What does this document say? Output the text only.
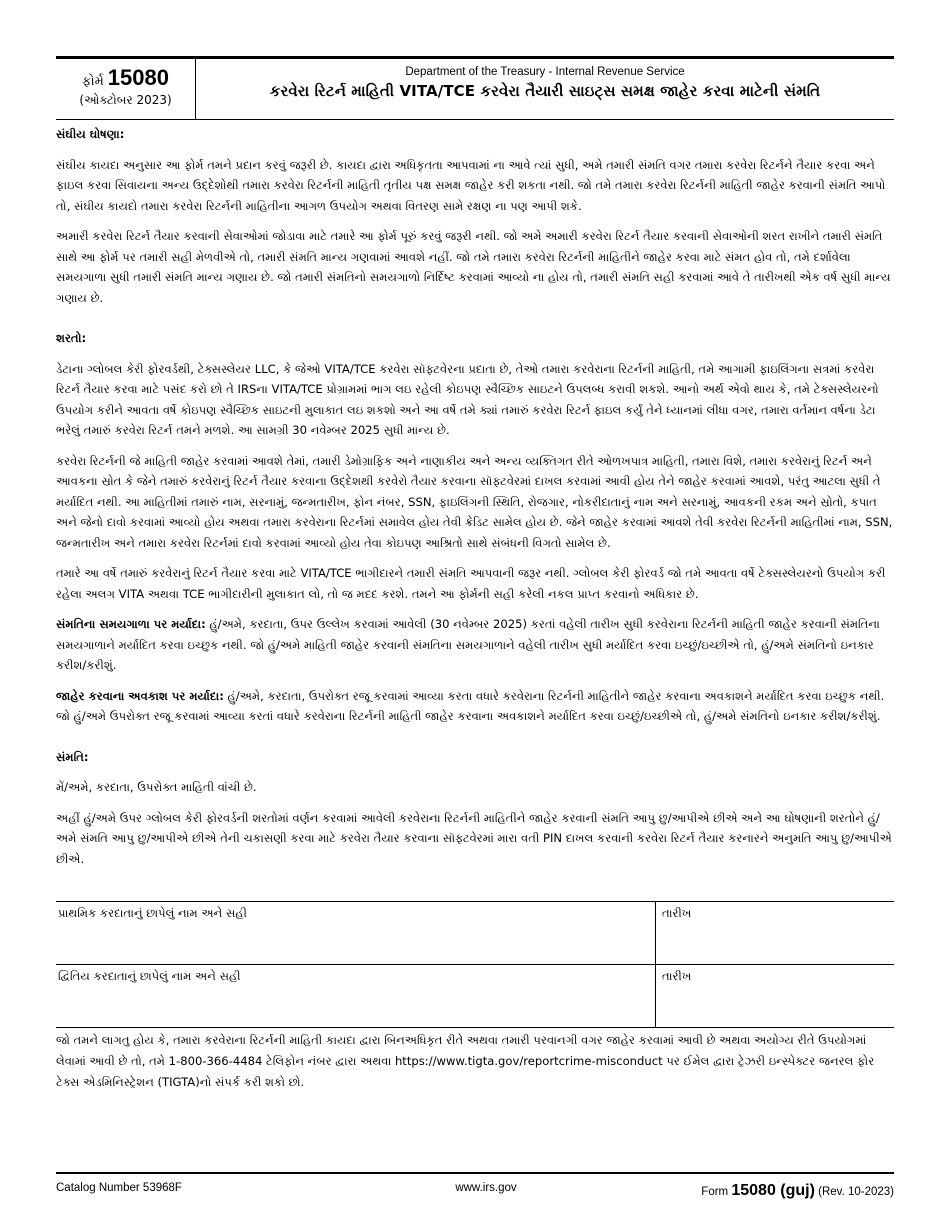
ફોર્મ 15080
(ઓક્ટોબર 2023)
Department of the Treasury - Internal Revenue Service
કરવેરા રિટર્ન માહિતી VITA/TCE કરવેરા તૈયારી સાઇટ્સ સમક્ષ જાહેર કરવા માટેની સંમતિ

સંઘીય ઘોષણા:

સંઘીય કાયદા અનુસાર આ ફોર્મ તમને પ્રદાન કરવું જરૂરી છે. કાયદા દ્વારા અધિકૃતતા આપવામાં ના આવે ત્યાં સુધી, અમે તમારી સંમતિ વગર તમારા કરવેરા રિટર્નને તૈયાર કરવા અને ફાઇલ કરવા સિવાયના અન્ય ઉદ્દેશોથી તમારા કરવેરા રિટર્નની માહિતી તૃતીય પક્ષ સમક્ષ જાહેર કરી શકતા નથી. જો તમે તમારા કરવેરા રિટર્નની માહિતી જાહેર કરવાની સંમતિ આપો તો, સંઘીય કાયદો તમારા કરવેરા રિટર્નની માહિતીના આગળ ઉપયોગ અથવા વિતરણ સામે રક્ષણ ના પણ આપી શકે.

અમારી કરવેરા રિટર્ન તૈયાર કરવાની સેવાઓમાં જોડાવા માટે તમારે આ ફોર્મ પૂરું કરવું જરૂરી નથી. જો અમે અમારી કરવેરા રિટર્ન તૈયાર કરવાની સેવાઓની શરત રાખીને તમારી સંમતિ સાથે આ ફોર્મ પર તમારી સહી મેળવીએ તો, તમારી સંમતિ માન્ય ગણવામાં આવશે નહીં. જો તમે તમારા કરવેરા રિટર્નની માહિતીને જાહેર કરવા માટે સંમત હોવ તો, તમે દર્શાવેલા સમયગાળા સુધી તમારી સંમતિ માન્ય ગણાય છે. જો તમારી સંમતિનો સમયગાળો નિર્દિષ્ટ કરવામાં આવ્યો ના હોય તો, તમારી સંમતિ સહી કરવામાં આવે તે તારીખથી એક વર્ષ સુધી માન્ય ગણાય છે.

શરતો:

ડેટાના ગ્લોબલ કેરી ફોરવર્ડથી, ટેક્સસ્લેયર LLC, કે જેઓ VITA/TCE કરવેરા સૉફ્ટવેરના પ્રદાતા છે, તેઓ તમારા કરવેરાના રિટર્નની માહિતી, તમે આગામી ફાઇલિંગના સત્રમાં કરવેરા રિટર્ન તૈયાર કરવા માટે પસંદ કરો છો તે IRSના VITA/TCE પ્રોગ્રામમાં ભાગ લઇ રહેલી કોઇપણ સ્વૈચ્છિક સાઇટને ઉપલબ્ધ કરાવી શકશે. આનો અર્થ એવો થાય કે, તમે ટેક્સસ્લેયરનો ઉપયોગ કરીને આવતા વર્ષે કોઇપણ સ્વૈચ્છિક સાઇટની મુલાકાત લઇ શકશો અને આ વર્ષે તમે ક્યાં તમારું કરવેરા રિટર્ન ફાઇલ કર્યું તેને ધ્યાનમાં લીધા વગર, તમારા વર્તમાન વર્ષના ડેટા ભરેલું તમારું કરવેરા રિટર્ન તમને મળશે. આ સામગ્રી 30 નવેમ્બર 2025 સુધી માન્ય છે.

કરવેરા રિટર્નની જે માહિતી જાહેર કરવામાં આવશે તેમાં, તમારી ડેમોગ્રાફિક અને નાણાકીય અને અન્ય વ્યક્તિગત રીતે ઓળખપાત્ર માહિતી, તમારા વિશે, તમારા કરવેરાનું રિટર્ન અને આવકના સ્રોત કે જેને તમારું કરવેરાનું રિટર્ન તૈયાર કરવાના ઉદ્દેશથી કરવેરો તૈયાર કરવાના સૉફ્ટવેરમાં દાખલ કરવામાં આવી હોય તેને જાહેર કરવામાં આવશે, પરંતુ આટલા સુધી તે મર્યાદિત નથી. આ માહિતીમાં તમારું નામ, સરનામું, જન્મતારીખ, ફોન નંબર, SSN, ફાઇલિંગની સ્થિતિ, રોજગાર, નોકરીદાતાનું નામ અને સરનામું, આવકની રકમ અને સ્રોતો, કપાત અને જેનો દાવો કરવામાં આવ્યો હોય અથવા તમારા કરવેરાના રિટર્નમાં સમાવેલ હોય તેવી ક્રેડિટ સામેલ હોય છે. જેને જાહેર કરવામાં આવશે તેવી કરવેરા રિટર્નની માહિતીમાં નામ, SSN, જન્મતારીખ અને તમારા કરવેરા રિટર્નમાં દાવો કરવામાં આવ્યો હોય તેવા કોઇપણ આશ્રિતો સાથે સંબંધની વિગતો સામેલ છે.

તમારે આ વર્ષે તમારું કરવેરાનું રિટર્ન તૈયાર કરવા માટે VITA/TCE ભાગીદારને તમારી સંમતિ આપવાની જરૂર નથી. ગ્લોબલ કેરી ફોરવર્ડ જો તમે આવતા વર્ષે ટેક્સસ્લેયરનો ઉપયોગ કરી રહેલા અલગ VITA અથવા TCE ભાગીદારીની મુલાકાત લો, તો જ મદદ કરશે. તમને આ ફોર્મની સહી કરેલી નકલ પ્રાપ્ત કરવાનો અધિકાર છે.

સંમતિના સમયગાળા પર મર્યાદા: હું/અમે, કરદાતા, ઉપર ઉલ્લેખ કરવામાં આવેલી (30 નવેમ્બર 2025) કરતાં વહેલી તારીખ સુધી કરવેરાના રિટર્નની માહિતી જાહેર કરવાની સંમતિના સમયગાળાને મર્યાદિત કરવા ઇચ્છુક નથી. જો હું/અમે માહિતી જાહેર કરવાની સંમતિના સમયગાળાને વહેલી તારીખ સુધી મર્યાદિત કરવા ઇચ્છું/ઇચ્છીએ તો, હું/અમે સંમતિનો ઇનકાર કરીશ/કરીશું.

જાહેર કરવાના અવકાશ પર મર્યાદા: હું/અમે, કરદાતા, ઉપરોક્ત રજૂ કરવામાં આવ્યા કરતા વધારે કરવેરાના રિટર્નની માહિતીને જાહેર કરવાના અવકાશને મર્યાદિત કરવા ઇચ્છુક નથી. જો હું/અમે ઉપરોક્ત રજૂ કરવામાં આવ્યા કરતાં વધારે કરવેરાના રિટર્નની માહિતી જાહેર કરવાના અવકાશને મર્યાદિત કરવા ઇચ્છું/ઇચ્છીએ તો, હું/અમે સંમતિનો ઇનકાર કરીશ/કરીશું.

સંમતિ:

મેં/અમે, કરદાતા, ઉપરોક્ત માહિતી વાંચી છે.

અહીં હું/અમે ઉપર ગ્લોબલ કેરી ફોરવર્ડની શરતોમાં વર્ણન કરવામાં આવેલી કરવેરાના રિટર્નની માહિતીને જાહેર કરવાની સંમતિ આપુ છુ/આપીએ છીએ અને આ ઘોષણાની શરતોને હું/અમે સંમતિ આપુ છુ/આપીએ છીએ તેની ચકાસણી કરવા માટે કરવેરા તૈયાર કરવાના સૉફ્ટવેરમાં મારા વતી PIN દાખલ કરવાની કરવેરા રિટર્ન તૈયાર કરનારને અનુમતિ આપુ છુ/આપીએ છીએ.

પ્રાથમિક કરદાતાનું છાપેલું નામ અને સહી	તારીખ
દ્વિતિય કરદાતાનું છાપેલું નામ અને સહી	તારીખ
જો તમને લાગતુ હોય કે, તમારા કરવેરાના રિટર્નની માહિતી કાયદા દ્વારા બિનઅધિકૃત રીતે અથવા તમારી પરવાનગી વગર જાહેર કરવામાં આવી છે અથવા અયોગ્ય રીતે ઉપયોગમાં લેવામાં આવી છે તો, તમે 1-800-366-4484 ટેલિફોન નંબર દ્વારા અથવા https://www.tigta.gov/reportcrime-misconduct પર ઈમેલ દ્વારા ટ્રેઝરી ઇન્સ્પેક્ટર જનરલ ફોર ટેક્સ એડમિનિસ્ટ્રેશન (TIGTA)નો સંપર્ક કરી શકો છો.
Catalog Number 53968F	www.irs.gov	Form 15080 (guj) (Rev. 10-2023)
